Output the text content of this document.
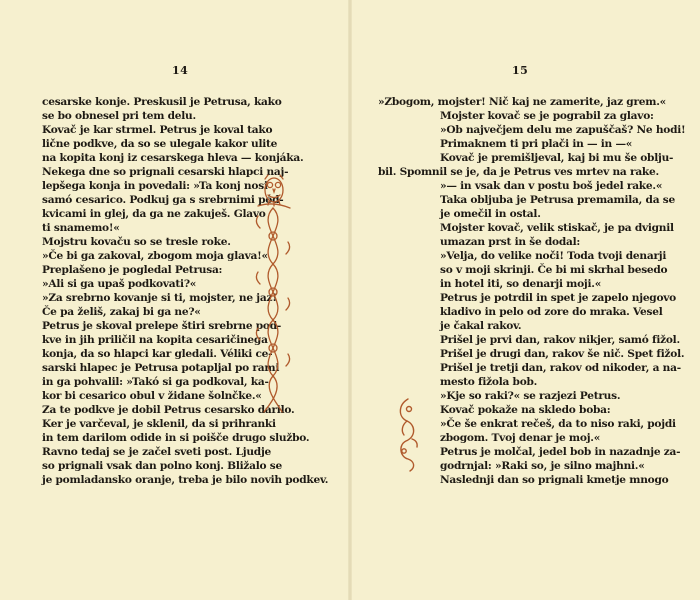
14	15
cesarske konje. Preskusil je Petrusa, kako
se bo obnesel pri tem delu.
Kovač je kar strmel. Petrus je koval tako
lične podkve, da so se ulegale kakor ulite
na kopita konj iz cesarskega hleva — konjáka.
Nekega dne so prignali cesarski hlapci naj-
lepšega konja in povedali: »Ta konj nosi
samó cesarico. Podkuj ga s srebrnimi pód-
kvicami in glej, da ga ne zakuješ. Glavo
ti snamemo!«
Mojstru kovaču so se tresle roke.
»Če bi ga zakoval, zbogom moja glava!«
Preplašeno je pogledal Petrusa:
»Ali si ga upaš podkovati?«
»Za srebrno kovanje si ti, mojster, ne jaz!
Če pa želiš, zakaj bi ga ne?«
Petrus je skoval prelepe štiri srebrne pod-
kve in jih priličil na kopita cesaričinega
konja, da so hlapci kar gledali. Véliki ce-
sarski hlapec je Petrusa potapljal po rami
in ga pohvalil: »Takó si ga podkoval, ka-
kor bi cesarico obul v židane šolnčke.«
Za te podkve je dobil Petrus cesarsko darilo.
Ker je varčeval, je sklenil, da si prihranki
in tem darilom odide in si poišče drugo službo.
Ravno tedaj se je začel sveti post. Ljudje
so prignali vsak dan polno konj. Bližalo se
je pomladansko oranje, treba je bilo novih podkev.
»Zbogom, mojster! Nič kaj ne zamerite, jaz grem.«
Mojster kovač se je pograbil za glavo:
»Ob največjem delu me zapuščaš? Ne hodi!
Primaknem ti pri plači in — in —«
Kovač je premišljeval, kaj bi mu še oblju-
bil. Spomnil se je, da je Petrus ves mrtev na rake.
»— in vsak dan v postu boš jedel rake.«
Taka obljuba je Petrusa premamila, da se
je omečil in ostal.
Mojster kovač, velik stiskač, je pa dvignil
umazan prst in še dodal:
»Velja, do velike noči! Toda tvoji denarji
so v moji skrinji. Če bi mi skrhal besedo
in hotel iti, so denarji moji.«
Petrus je potrdil in spet je zapelo njegovo
kladivo in pelo od zore do mraka. Vesel
je čakal rakov.
Prišel je prvi dan, rakov nikjer, samó fižol.
Prišel je drugi dan, rakov še nič. Spet fižol.
Prišel je tretji dan, rakov od nikoder, a na-
mesto fižola bob.
»Kje so raki?« se razjezi Petrus.
Kovač pokaže na skledo boba:
»Če še enkrat rečeš, da to niso raki, pojdi
zbogom. Tvoj denar je moj.«
Petrus je molčal, jedel bob in nazadnje za-
godrnjal: »Raki so, je silno majhni.«
Naslednji dan so prignali kmetje mnogo
